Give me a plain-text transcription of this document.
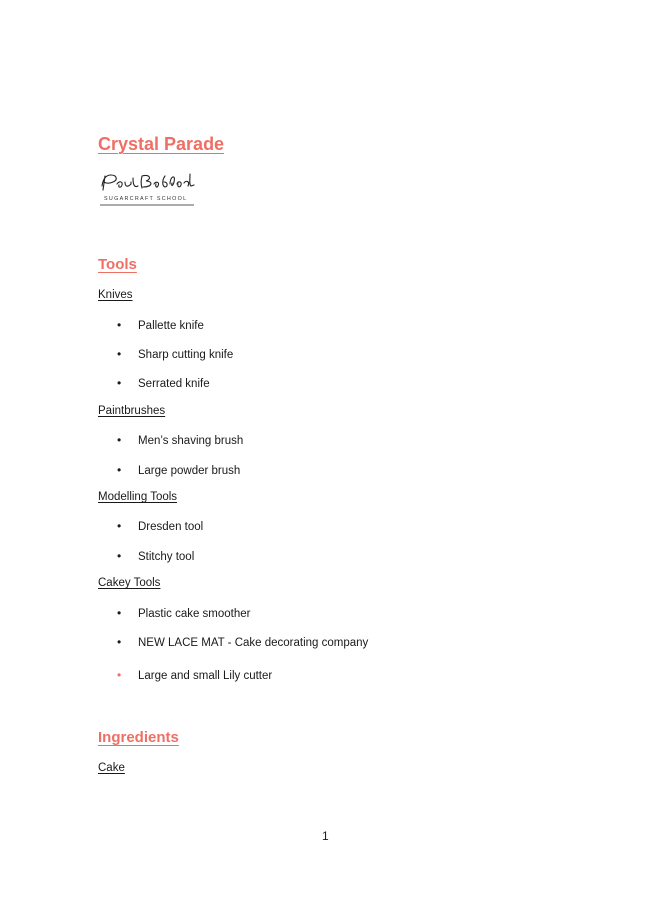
Crystal Parade
SUGARCRAFT SCHOOL
Tools
Knives
• Pallette knife
• Sharp cutting knife
• Serrated knife
Paintbrushes
• Men’s shaving brush
• Large powder brush
Modelling Tools
• Dresden tool
• Stitchy tool
Cakey Tools
• Plastic cake smoother
• NEW LACE MAT - Cake decorating company
• Large and small Lily cutter
Ingredients
Cake
1
